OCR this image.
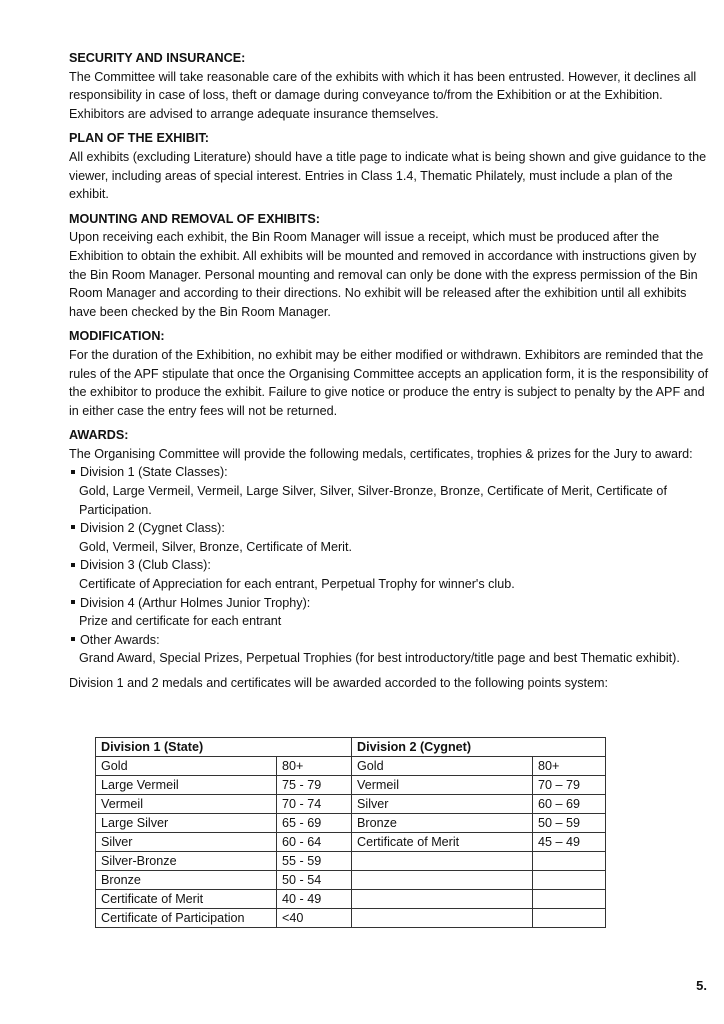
SECURITY AND INSURANCE:

The Committee will take reasonable care of the exhibits with which it has been entrusted. However, it declines all responsibility in case of loss, theft or damage during conveyance to/from the Exhibition or at the Exhibition. Exhibitors are advised to arrange adequate insurance themselves.

PLAN OF THE EXHIBIT:

All exhibits (excluding Literature) should have a title page to indicate what is being shown and give guidance to the viewer, including areas of special interest. Entries in Class 1.4, Thematic Philately, must include a plan of the exhibit.

MOUNTING AND REMOVAL OF EXHIBITS:

Upon receiving each exhibit, the Bin Room Manager will issue a receipt, which must be produced after the Exhibition to obtain the exhibit. All exhibits will be mounted and removed in accordance with instructions given by the Bin Room Manager. Personal mounting and removal can only be done with the express permission of the Bin Room Manager and according to their directions. No exhibit will be released after the exhibition until all exhibits have been checked by the Bin Room Manager.

MODIFICATION:

For the duration of the Exhibition, no exhibit may be either modified or withdrawn. Exhibitors are reminded that the rules of the APF stipulate that once the Organising Committee accepts an application form, it is the responsibility of the exhibitor to produce the exhibit. Failure to give notice or produce the entry is subject to penalty by the APF and in either case the entry fees will not be returned.

AWARDS:

The Organising Committee will provide the following medals, certificates, trophies & prizes for the Jury to award:

Division 1 (State Classes):

Gold, Large Vermeil, Vermeil, Large Silver, Silver, Silver-Bronze, Bronze, Certificate of Merit, Certificate of Participation.

Division 2 (Cygnet Class):

Gold, Vermeil, Silver, Bronze, Certificate of Merit.

Division 3 (Club Class):

Certificate of Appreciation for each entrant, Perpetual Trophy for winner's club.

Division 4 (Arthur Holmes Junior Trophy):

Prize and certificate for each entrant

Other Awards:

Grand Award, Special Prizes, Perpetual Trophies (for best introductory/title page and best Thematic exhibit).

Division 1 and 2 medals and certificates will be awarded accorded to the following points system:

Division 1 (State)		Division 2 (Cygnet)	
Gold	80+	Gold	80+
Large Vermeil	75 - 79	Vermeil	70 – 79
Vermeil	70 - 74	Silver	60 – 69
Large Silver	65 - 69	Bronze	50 – 59
Silver	60 - 64	Certificate of Merit	45 – 49
Silver-Bronze	55 - 59		
Bronze	50 - 54		
Certificate of Merit	40 - 49		
Certificate of Participation	<40		
5.
